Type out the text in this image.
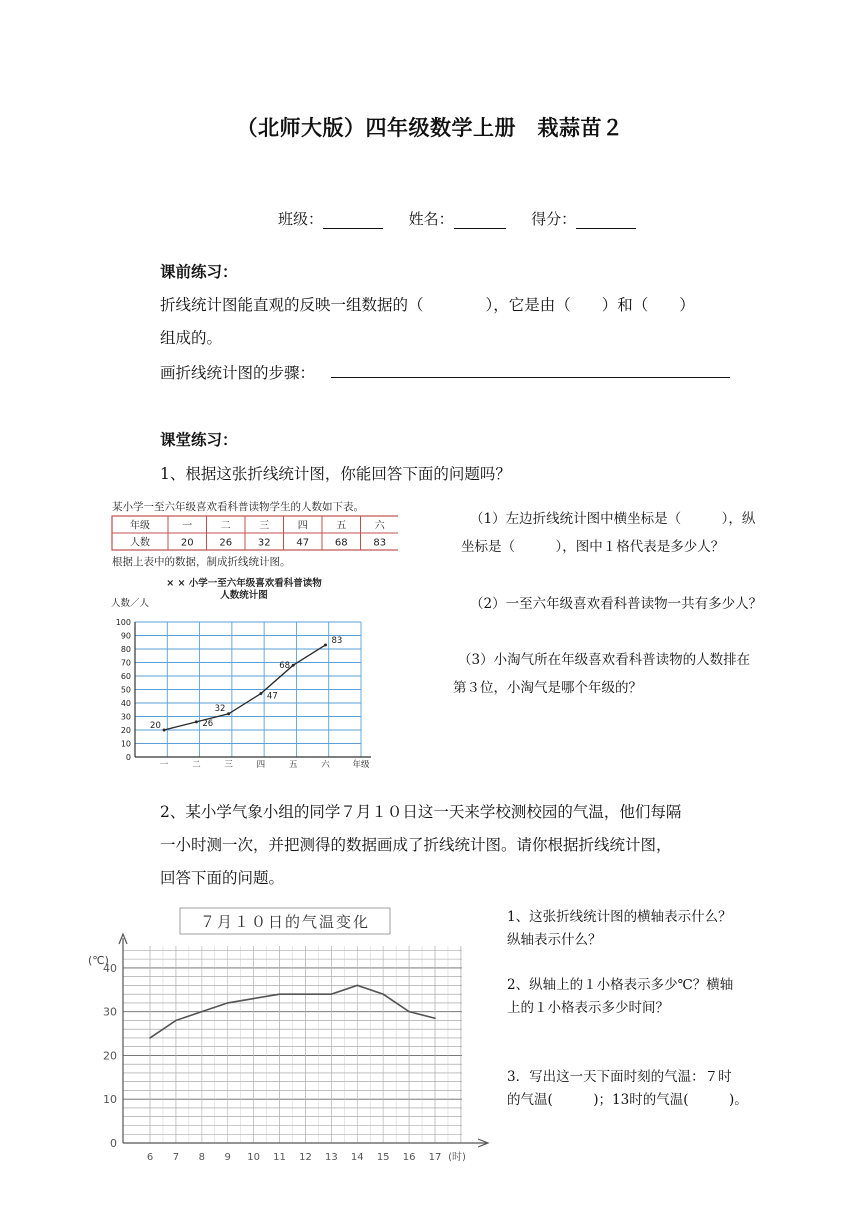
（北师大版）四年级数学上册　栽蒜苗２
班级：	姓名：	得分：
课前练习：
折线统计图能直观的反映一组数据的（　　　　），它是由（　　）和（　　）
组成的。
画折线统计图的步骤：
课堂练习：
1、根据这张折线统计图，你能回答下面的问题吗？
某小学一至六年级喜欢看科普读物学生的人数如下表。
年级	一	二	三	四	五	六
人数	20	26	32	47	68	83
根据上表中的数据，制成折线统计图。
× × 小学一至六年级喜欢看科普读物
人数统计图
人数／人
0
10
20
30
40
50
60
70
80
90
100
20	26
32
47
68
83
一	二	三	四	五	六	年级
（1）左边折线统计图中横坐标是（　　　），纵
坐标是（　　　），图中１格代表是多少人？
（2）一至六年级喜欢看科普读物一共有多少人？
（3）小淘气所在年级喜欢看科普读物的人数排在
第３位，小淘气是哪个年级的？
2、某小学气象小组的同学７月１０日这一天来学校测校园的气温，他们每隔
一小时测一次，并把测得的数据画成了折线统计图。请你根据折线统计图，
回答下面的问题。
７月１０日的气温变化
(℃)
0
10
20
30
40
6 7 8 9 10 11 12 13 14 15 16 17 (时)
1、这张折线统计图的横轴表示什么？
纵轴表示什么？
2、纵轴上的１小格表示多少℃？横轴
上的１小格表示多少时间？
3．写出这一天下面时刻的气温：７时
的气温(　　　)；13时的气温(　　　)。
